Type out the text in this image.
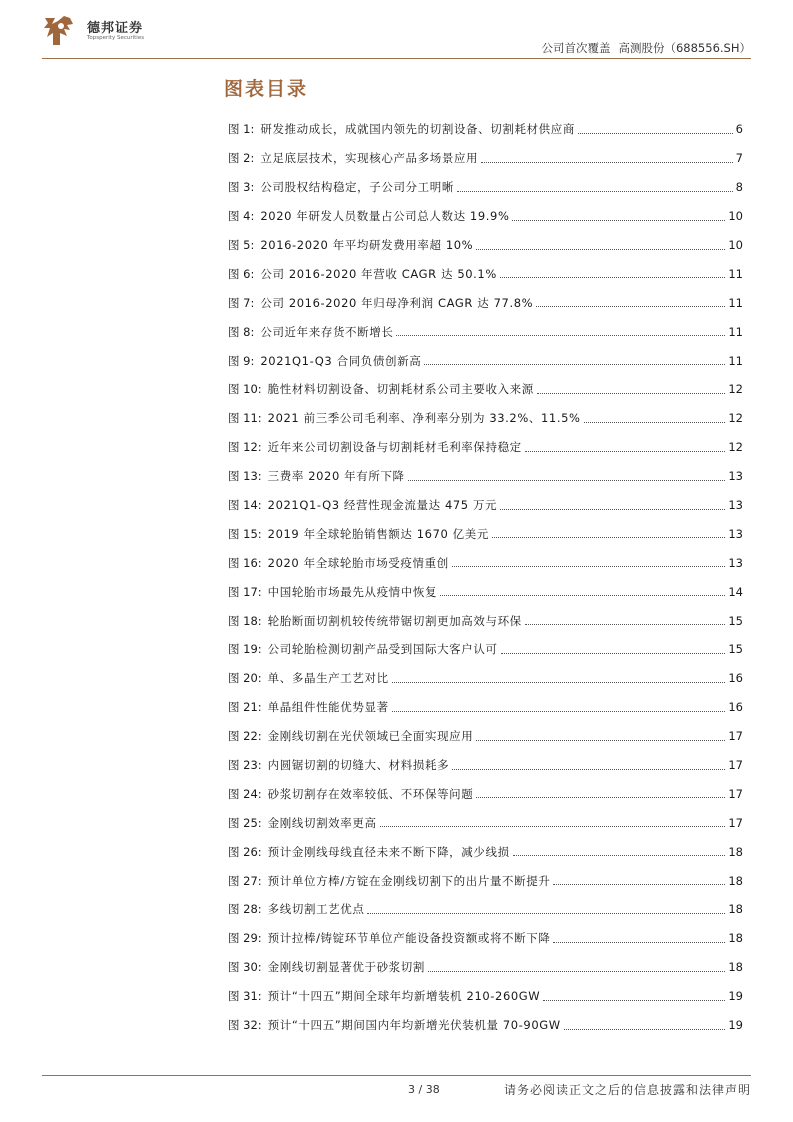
德邦证券
Topsperity Securities
公司首次覆盖 高测股份（688556.SH）
图表目录
图 1: 研发推动成长，成就国内领先的切割设备、切割耗材供应商	6
图 2: 立足底层技术，实现核心产品多场景应用	7
图 3: 公司股权结构稳定，子公司分工明晰	8
图 4: 2020 年研发人员数量占公司总人数达 19.9%	10
图 5: 2016-2020 年平均研发费用率超 10%	10
图 6: 公司 2016-2020 年营收 CAGR 达 50.1%	11
图 7: 公司 2016-2020 年归母净利润 CAGR 达 77.8%	11
图 8: 公司近年来存货不断增长	11
图 9: 2021Q1-Q3 合同负债创新高	11
图 10: 脆性材料切割设备、切割耗材系公司主要收入来源	12
图 11: 2021 前三季公司毛利率、净利率分别为 33.2%、11.5%	12
图 12: 近年来公司切割设备与切割耗材毛利率保持稳定	12
图 13: 三费率 2020 年有所下降	13
图 14: 2021Q1-Q3 经营性现金流量达 475 万元	13
图 15: 2019 年全球轮胎销售额达 1670 亿美元	13
图 16: 2020 年全球轮胎市场受疫情重创	13
图 17: 中国轮胎市场最先从疫情中恢复	14
图 18: 轮胎断面切割机较传统带锯切割更加高效与环保	15
图 19: 公司轮胎检测切割产品受到国际大客户认可	15
图 20: 单、多晶生产工艺对比	16
图 21: 单晶组件性能优势显著	16
图 22: 金刚线切割在光伏领域已全面实现应用	17
图 23: 内圆锯切割的切缝大、材料损耗多	17
图 24: 砂浆切割存在效率较低、不环保等问题	17
图 25: 金刚线切割效率更高	17
图 26: 预计金刚线母线直径未来不断下降，减少线损	18
图 27: 预计单位方棒/方锭在金刚线切割下的出片量不断提升	18
图 28: 多线切割工艺优点	18
图 29: 预计拉棒/铸锭环节单位产能设备投资额或将不断下降	18
图 30: 金刚线切割显著优于砂浆切割	18
图 31: 预计“十四五”期间全球年均新增装机 210-260GW	19
图 32: 预计“十四五”期间国内年均新增光伏装机量 70-90GW	19
3 / 38	请务必阅读正文之后的信息披露和法律声明
